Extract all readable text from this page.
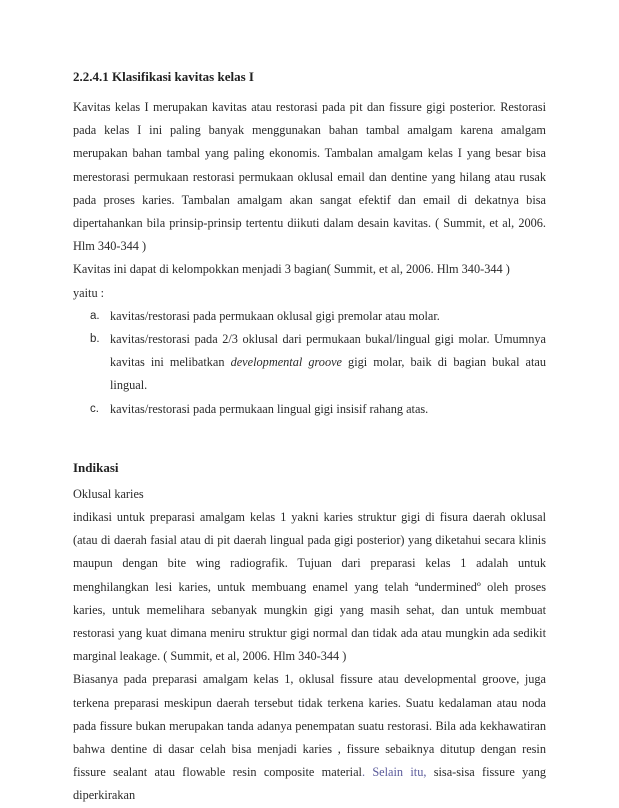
2.2.4.1 Klasifikasi kavitas kelas I

Kavitas kelas I merupakan kavitas atau restorasi pada pit dan fissure gigi posterior. Restorasi pada kelas I ini paling banyak menggunakan bahan tambal amalgam karena amalgam merupakan bahan tambal yang paling ekonomis. Tambalan amalgam kelas I yang besar bisa merestorasi permukaan restorasi permukaan oklusal email dan dentine yang hilang atau rusak pada proses karies. Tambalan amalgam akan sangat efektif dan email di dekatnya bisa dipertahankan bila prinsip-prinsip tertentu diikuti dalam desain kavitas. ( Summit, et al, 2006. Hlm 340-344 )

Kavitas ini dapat di kelompokkan menjadi 3 bagian( Summit, et al, 2006. Hlm 340-344 )

yaitu :

a. kavitas/restorasi pada permukaan oklusal gigi premolar atau molar.
b. kavitas/restorasi pada 2/3 oklusal dari permukaan bukal/lingual gigi molar. Umumnya kavitas ini melibatkan developmental groove gigi molar, baik di bagian bukal atau lingual.
c. kavitas/restorasi pada permukaan lingual gigi insisif rahang atas.

Indikasi

Oklusal karies

indikasi untuk preparasi amalgam kelas 1 yakni karies struktur gigi di fisura daerah oklusal (atau di daerah fasial atau di pit daerah lingual pada gigi posterior) yang diketahui secara klinis maupun dengan bite wing radiografik. Tujuan dari preparasi kelas 1 adalah untuk menghilangkan lesi karies, untuk membuang enamel yang telah ªunderminedº oleh proses karies, untuk memelihara sebanyak mungkin gigi yang masih sehat, dan untuk membuat restorasi yang kuat dimana meniru struktur gigi normal dan tidak ada atau mungkin ada sedikit marginal leakage. ( Summit, et al, 2006. Hlm 340-344 )

Biasanya pada preparasi amalgam kelas 1, oklusal fissure atau developmental groove, juga terkena preparasi meskipun daerah tersebut tidak terkena karies. Suatu kedalaman atau noda pada fissure bukan merupakan tanda adanya penempatan suatu restorasi. Bila ada kekhawatiran bahwa dentine di dasar celah bisa menjadi karies , fissure sebaiknya ditutup dengan resin fissure sealant atau flowable resin composite material. Selain itu, sisa-sisa fissure yang diperkirakan
